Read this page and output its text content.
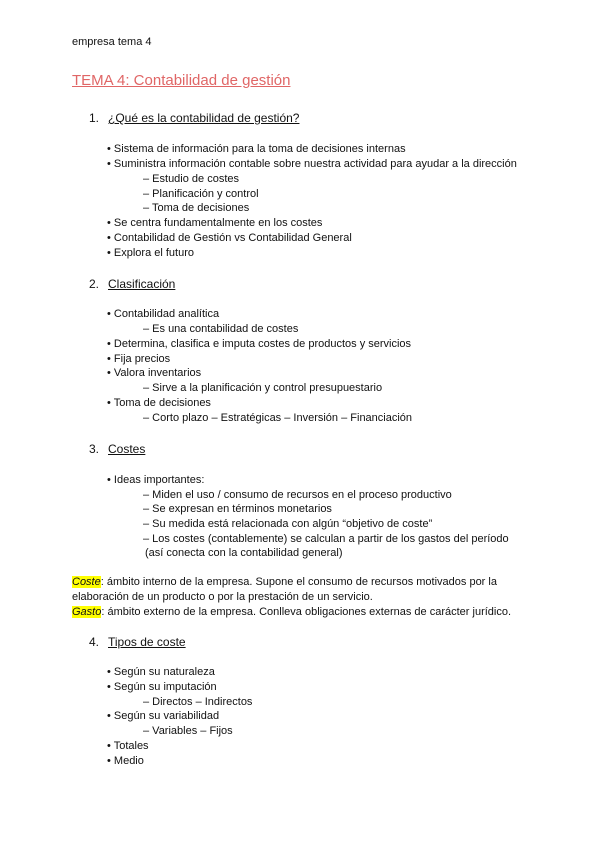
empresa tema 4
TEMA 4: Contabilidad de gestión
1. ¿Qué es la contabilidad de gestión?
• Sistema de información para la toma de decisiones internas
• Suministra información contable sobre nuestra actividad para ayudar a la dirección
– Estudio de costes
– Planificación y control
– Toma de decisiones
• Se centra fundamentalmente en los costes
• Contabilidad de Gestión vs Contabilidad General
• Explora el futuro
2. Clasificación
• Contabilidad analítica
– Es una contabilidad de costes
• Determina, clasifica e imputa costes de productos y servicios
• Fija precios
• Valora inventarios
– Sirve a la planificación y control presupuestario
• Toma de decisiones
– Corto plazo – Estratégicas – Inversión – Financiación
3. Costes
• Ideas importantes:
– Miden el uso / consumo de recursos en el proceso productivo
– Se expresan en términos monetarios
– Su medida está relacionada con algún “objetivo de coste”
– Los costes (contablemente) se calculan a partir de los gastos del período
(así conecta con la contabilidad general)
Coste: ámbito interno de la empresa. Supone el consumo de recursos motivados por la
elaboración de un producto o por la prestación de un servicio.
Gasto: ámbito externo de la empresa. Conlleva obligaciones externas de carácter jurídico.
4. Tipos de coste
• Según su naturaleza
• Según su imputación
– Directos – Indirectos
• Según su variabilidad
– Variables – Fijos
• Totales
• Medio
